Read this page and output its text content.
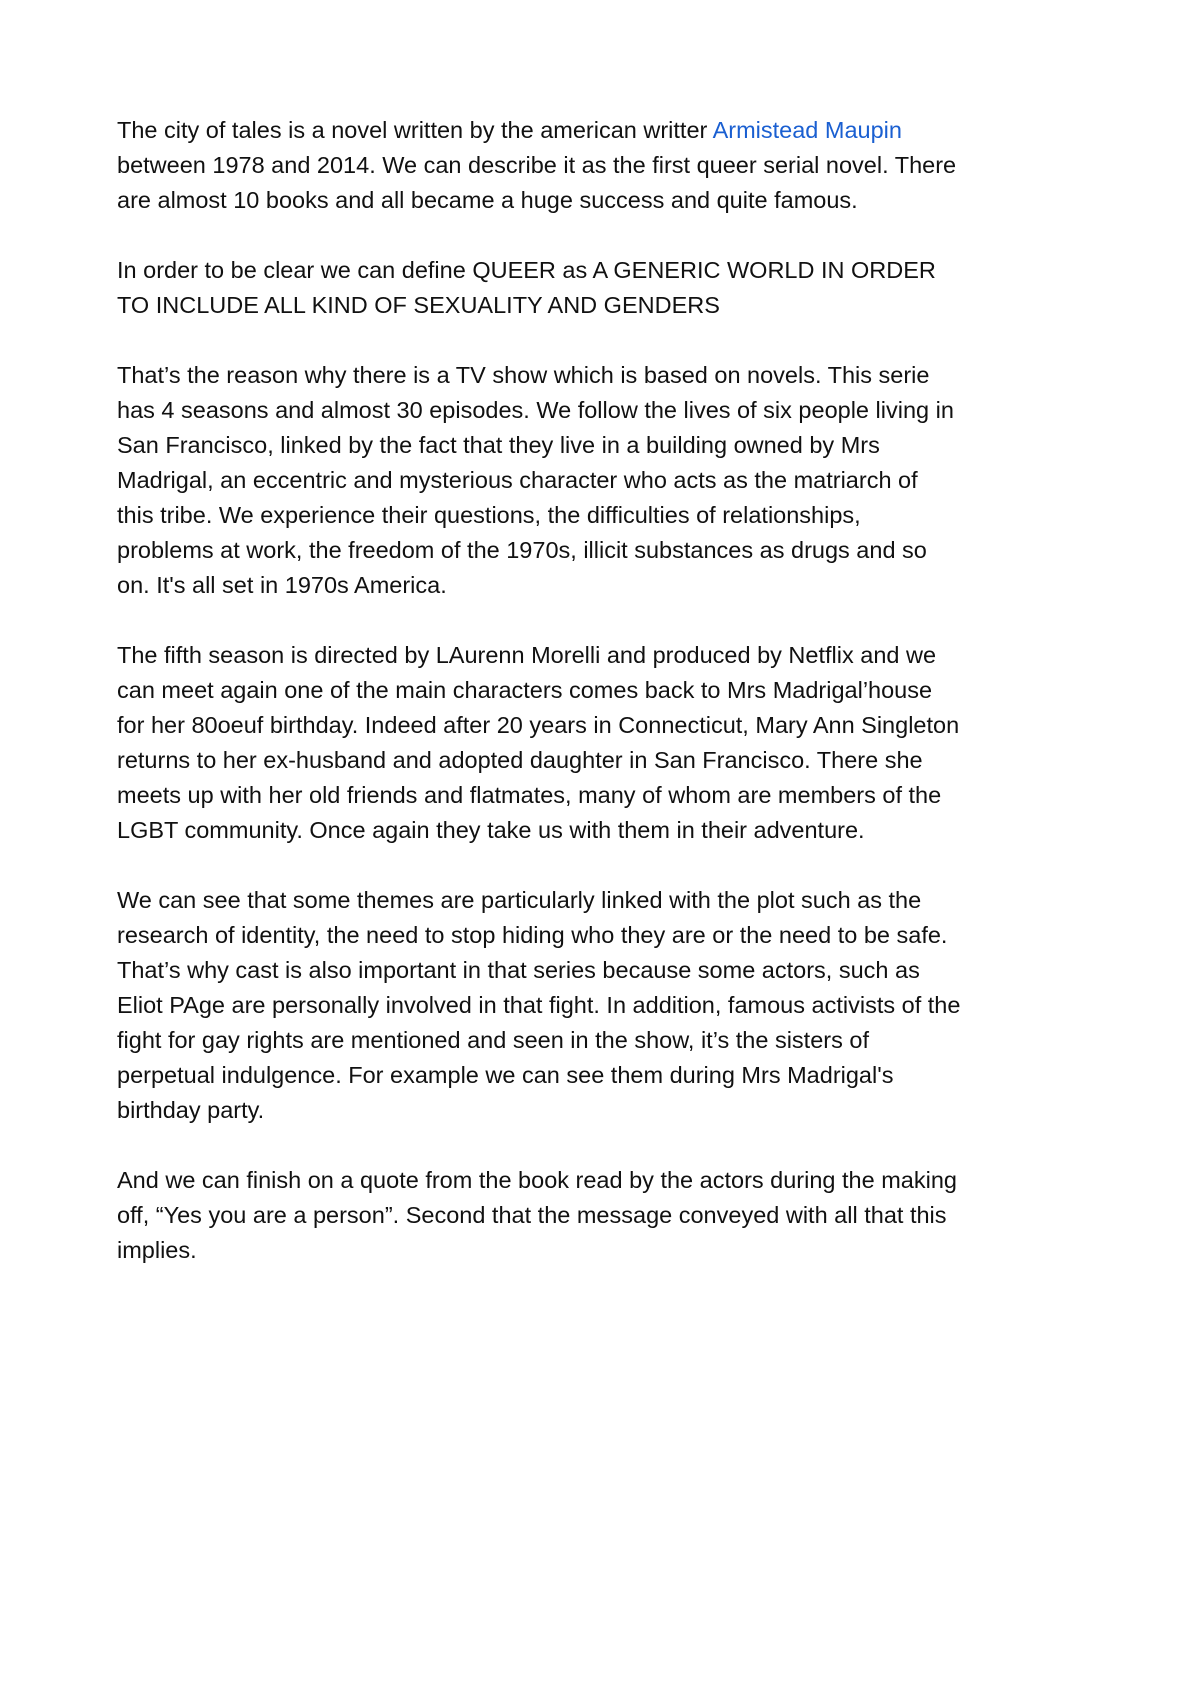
The city of tales is a novel written by the american writter Armistead Maupin
between 1978 and 2014. We can describe it as the first queer serial novel. There
are almost 10 books and all became a huge success and quite famous.

In order to be clear we can define QUEER as A GENERIC WORLD IN ORDER
TO INCLUDE ALL KIND OF SEXUALITY AND GENDERS

That’s the reason why there is a TV show which is based on novels. This serie
has 4 seasons and almost 30 episodes. We follow the lives of six people living in
San Francisco, linked by the fact that they live in a building owned by Mrs
Madrigal, an eccentric and mysterious character who acts as the matriarch of
this tribe. We experience their questions, the difficulties of relationships,
problems at work, the freedom of the 1970s, illicit substances as drugs and so
on. It's all set in 1970s America.

The fifth season is directed by LAurenn Morelli and produced by Netflix and we
can meet again one of the main characters comes back to Mrs Madrigal’house
for her 80oeuf birthday. Indeed after 20 years in Connecticut, Mary Ann Singleton
returns to her ex-husband and adopted daughter in San Francisco. There she
meets up with her old friends and flatmates, many of whom are members of the
LGBT community. Once again they take us with them in their adventure.

We can see that some themes are particularly linked with the plot such as the
research of identity, the need to stop hiding who they are or the need to be safe.
That’s why cast is also important in that series because some actors, such as
Eliot PAge are personally involved in that fight. In addition, famous activists of the
fight for gay rights are mentioned and seen in the show, it’s the sisters of
perpetual indulgence. For example we can see them during Mrs Madrigal's
birthday party.

And we can finish on a quote from the book read by the actors during the making
off, “Yes you are a person”. Second that the message conveyed with all that this
implies.
